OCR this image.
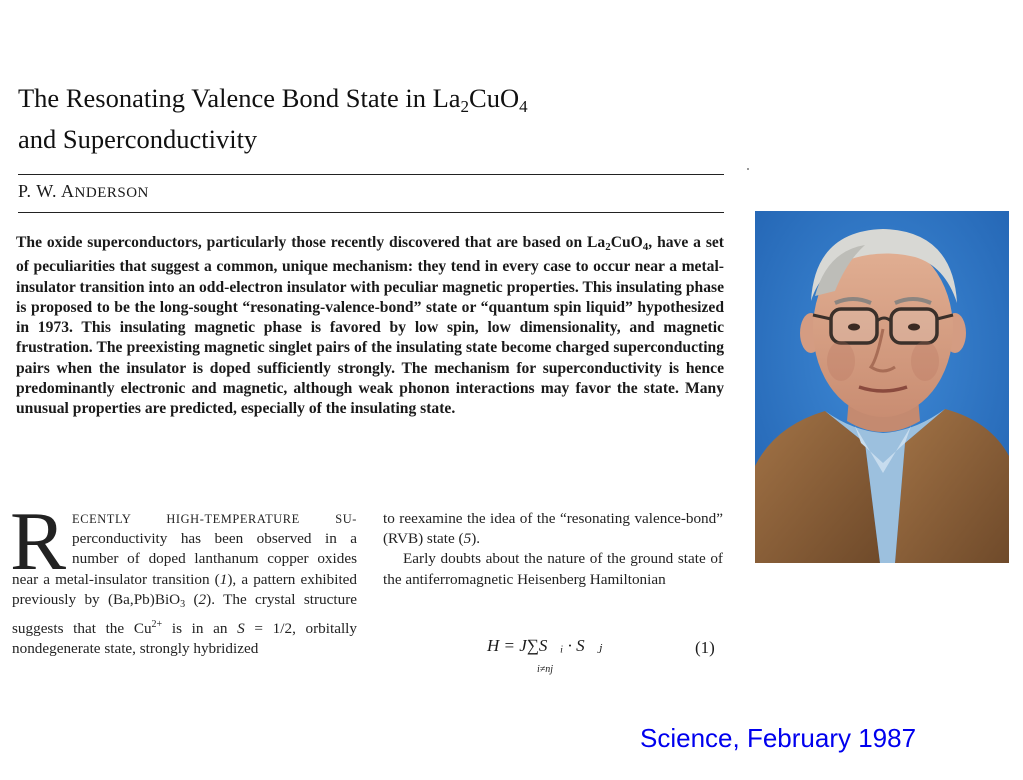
The Resonating Valence Bond State in La2CuO4
and Superconductivity
P. W. ANDERSON
The oxide superconductors, particularly those recently discovered that are based on La2CuO4, have a set of peculiarities that suggest a common, unique mechanism: they tend in every case to occur near a metal-insulator transition into an odd-electron insulator with peculiar magnetic properties. This insulating phase is proposed to be the long-sought “resonating-valence-bond” state or “quantum spin liquid” hypothesized in 1973. This insulating magnetic phase is favored by low spin, low dimensionality, and magnetic frustration. The preexisting magnetic singlet pairs of the insulating state become charged superconducting pairs when the insulator is doped sufficiently strongly. The mechanism for superconductivity is hence predominantly electronic and magnetic, although weak phonon interactions may favor the state. Many unusual properties are predicted, especially of the insulating state.
RECENTLY HIGH-TEMPERATURE SU- perconductivity has been observed in a number of doped lanthanum copper oxides near a metal-insulator transition (1), a pattern exhibited previously by (Ba,Pb)BiO3 (2). The crystal structure suggests that the $Cu^{2+}$ is in an S = 1/2, orbitally nondegenerate state, strongly hybridized

to reexamine the idea of the “resonating valence-bond” (RVB) state (5).

Early doubts about the nature of the ground state of the antiferromagnetic Heisenberg Hamiltonian

H = J∑S⃗ᵢ · S⃗ⱼ
i≠nj
(1)
Science, February 1987
